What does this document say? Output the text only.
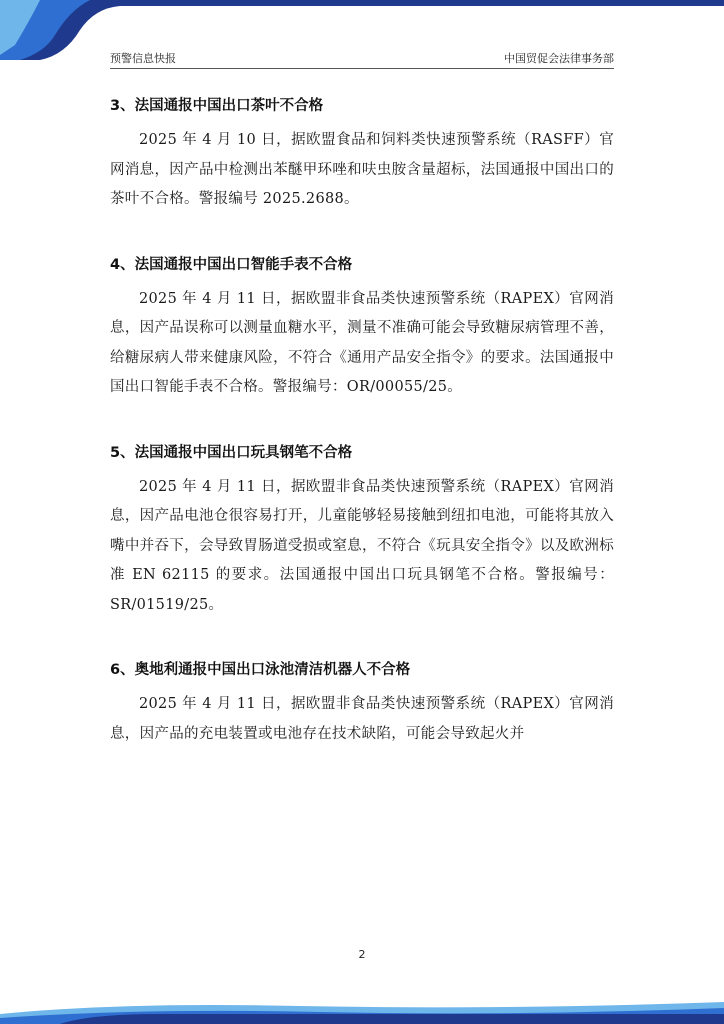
预警信息快报	中国贸促会法律事务部
3、法国通报中国出口茶叶不合格

2025 年 4 月 10 日，据欧盟食品和饲料类快速预警系统（RASFF）官网消息，因产品中检测出苯醚甲环唑和呋虫胺含量超标，法国通报中国出口的茶叶不合格。警报编号 2025.2688。

4、法国通报中国出口智能手表不合格

2025 年 4 月 11 日，据欧盟非食品类快速预警系统（RAPEX）官网消息，因产品误称可以测量血糖水平，测量不准确可能会导致糖尿病管理不善，给糖尿病人带来健康风险，不符合《通用产品安全指令》的要求。法国通报中国出口智能手表不合格。警报编号：OR/00055/25。

5、法国通报中国出口玩具钢笔不合格

2025 年 4 月 11 日，据欧盟非食品类快速预警系统（RAPEX）官网消息，因产品电池仓很容易打开，儿童能够轻易接触到纽扣电池，可能将其放入嘴中并吞下，会导致胃肠道受损或窒息，不符合《玩具安全指令》以及欧洲标准 EN 62115 的要求。法国通报中国出口玩具钢笔不合格。警报编号：SR/01519/25。

6、奥地利通报中国出口泳池清洁机器人不合格

2025 年 4 月 11 日，据欧盟非食品类快速预警系统（RAPEX）官网消息，因产品的充电装置或电池存在技术缺陷，可能会导致起火并

2
